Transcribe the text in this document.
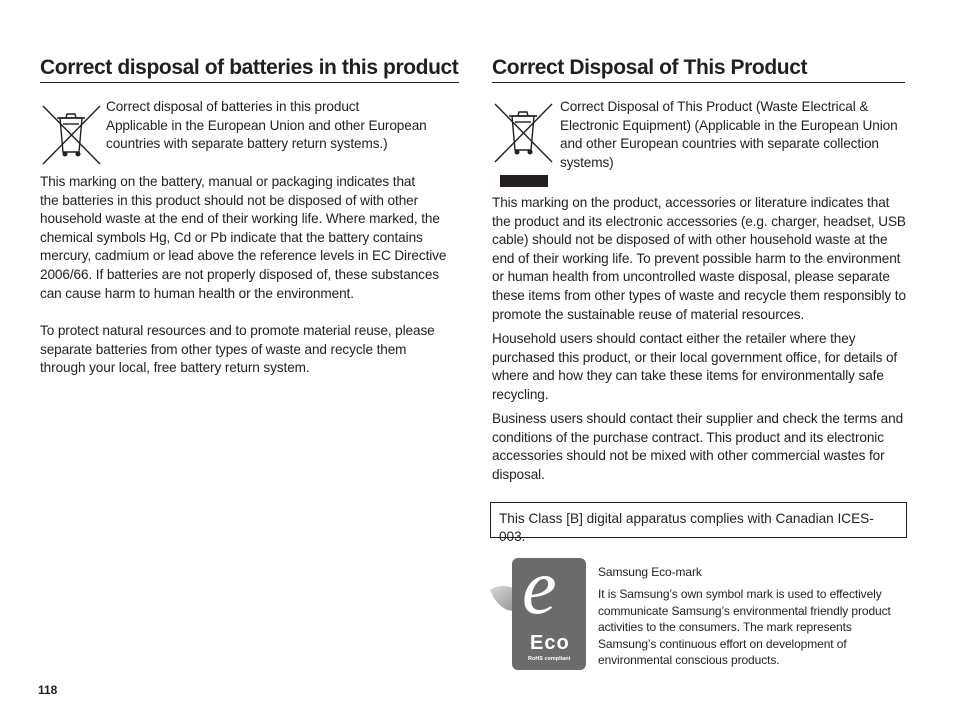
Correct disposal of batteries in this product
Correct disposal of batteries in this product
Applicable in the European Union and other European
countries with separate battery return systems.)
This marking on the battery, manual or packaging indicates that
the batteries in this product should not be disposed of with other
household waste at the end of their working life. Where marked, the
chemical symbols Hg, Cd or Pb indicate that the battery contains
mercury, cadmium or lead above the reference levels in EC Directive
2006/66. If batteries are not properly disposed of, these substances
can cause harm to human health or the environment.
To protect natural resources and to promote material reuse, please
separate batteries from other types of waste and recycle them
through your local, free battery return system.
Correct Disposal of This Product
Correct Disposal of This Product (Waste Electrical &
Electronic Equipment) (Applicable in the European Union
and other European countries with separate collection
systems)
This marking on the product, accessories or literature indicates that
the product and its electronic accessories (e.g. charger, headset, USB
cable) should not be disposed of with other household waste at the
end of their working life. To prevent possible harm to the environment
or human health from uncontrolled waste disposal, please separate
these items from other types of waste and recycle them responsibly to
promote the sustainable reuse of material resources.
Household users should contact either the retailer where they
purchased this product, or their local government office, for details of
where and how they can take these items for environmentally safe
recycling.
Business users should contact their supplier and check the terms and
conditions of the purchase contract. This product and its electronic
accessories should not be mixed with other commercial wastes for
disposal.
This Class [B] digital apparatus complies with Canadian ICES-003.
e
Eco
RoHS compliant
Samsung Eco-mark
It is Samsung’s own symbol mark is used to effectively
communicate Samsung’s environmental friendly product
activities to the consumers. The mark represents
Samsung’s continuous effort on development of
environmental conscious products.
118
